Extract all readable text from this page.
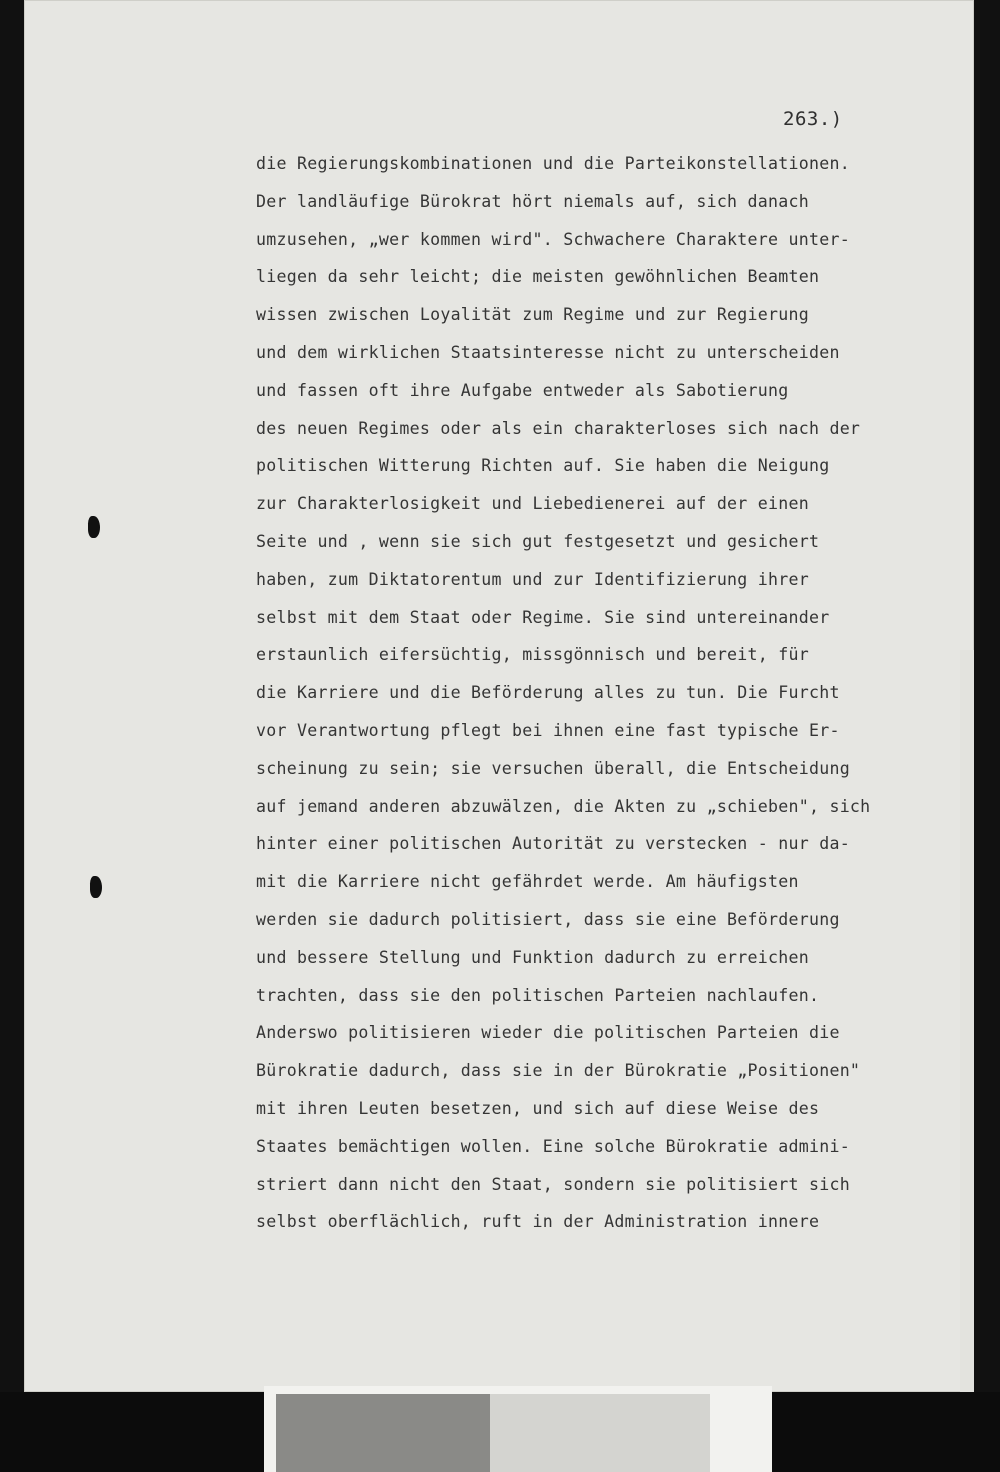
263.)
die Regierungskombinationen und die Parteikonstellationen.
Der landläufige Bürokrat hört niemals auf, sich danach
umzusehen, „wer kommen wird". Schwachere Charaktere unter-
liegen da sehr leicht; die meisten gewöhnlichen Beamten
wissen zwischen Loyalität zum Regime und zur Regierung
und dem wirklichen Staatsinteresse nicht zu unterscheiden
und fassen oft ihre Aufgabe entweder als Sabotierung
des neuen Regimes oder als ein charakterloses sich nach der
politischen Witterung Richten auf. Sie haben die Neigung
zur Charakterlosigkeit und Liebedienerei auf der einen
Seite und , wenn sie sich gut festgesetzt und gesichert
haben, zum Diktatorentum und zur Identifizierung ihrer
selbst mit dem Staat oder Regime. Sie sind untereinander
erstaunlich eifersüchtig, missgönnisch und bereit, für
die Karriere und die Beförderung alles zu tun. Die Furcht
vor Verantwortung pflegt bei ihnen eine fast typische Er-
scheinung zu sein; sie versuchen überall, die Entscheidung
auf jemand anderen abzuwälzen, die Akten zu „schieben", sich
hinter einer politischen Autorität zu verstecken - nur da-
mit die Karriere nicht gefährdet werde. Am häufigsten
werden sie dadurch politisiert, dass sie eine Beförderung
und bessere Stellung und Funktion dadurch zu erreichen
trachten, dass sie den politischen Parteien nachlaufen.
Anderswo politisieren wieder die politischen Parteien die
Bürokratie dadurch, dass sie in der Bürokratie „Positionen"
mit ihren Leuten besetzen, und sich auf diese Weise des
Staates bemächtigen wollen. Eine solche Bürokratie admini-
striert dann nicht den Staat, sondern sie politisiert sich
selbst oberflächlich, ruft in der Administration innere
